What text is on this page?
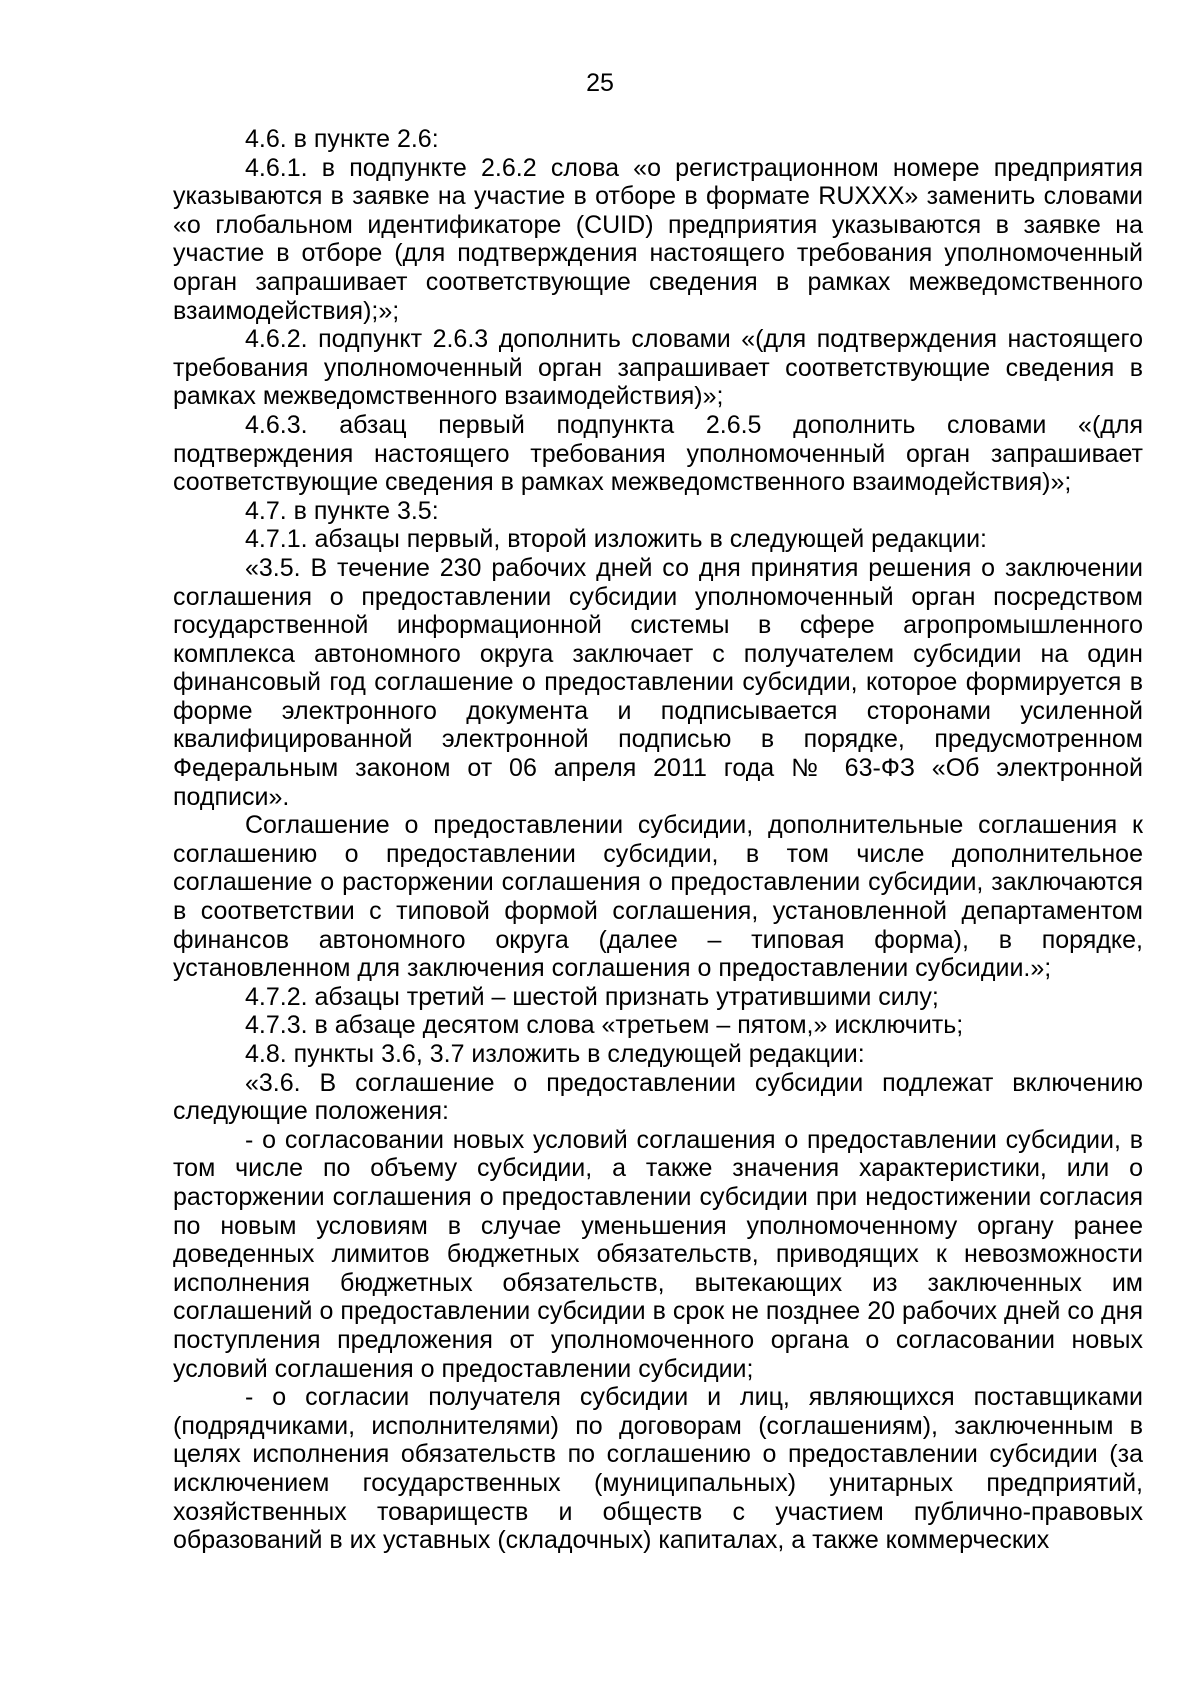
25

4.6. в пункте 2.6:

4.6.1. в подпункте 2.6.2 слова «о регистрационном номере предприятия указываются в заявке на участие в отборе в формате RUXXX» заменить словами «о глобальном идентификаторе (CUID) предприятия указываются в заявке на участие в отборе (для подтверждения настоящего требования уполномоченный орган запрашивает соответствующие сведения в рамках межведомственного взаимодействия);»;

4.6.2. подпункт 2.6.3 дополнить словами «(для подтверждения настоящего требования уполномоченный орган запрашивает соответствующие сведения в рамках межведомственного взаимодействия)»;

4.6.3. абзац первый подпункта 2.6.5 дополнить словами «(для подтверждения настоящего требования уполномоченный орган запрашивает соответствующие сведения в рамках межведомственного взаимодействия)»;

4.7. в пункте 3.5:

4.7.1. абзацы первый, второй изложить в следующей редакции:

«3.5. В течение 230 рабочих дней со дня принятия решения о заключении соглашения о предоставлении субсидии уполномоченный орган посредством государственной информационной системы в сфере агропромышленного комплекса автономного округа заключает с получателем субсидии на один финансовый год соглашение о предоставлении субсидии, которое формируется в форме электронного документа и подписывается сторонами усиленной квалифицированной электронной подписью в порядке, предусмотренном Федеральным законом от 06 апреля 2011 года № 63-ФЗ «Об электронной подписи».

Соглашение о предоставлении субсидии, дополнительные соглашения к соглашению о предоставлении субсидии, в том числе дополнительное соглашение о расторжении соглашения о предоставлении субсидии, заключаются в соответствии с типовой формой соглашения, установленной департаментом финансов автономного округа (далее – типовая форма), в порядке, установленном для заключения соглашения о предоставлении субсидии.»;

4.7.2. абзацы третий – шестой признать утратившими силу;

4.7.3. в абзаце десятом слова «третьем – пятом,» исключить;

4.8. пункты 3.6, 3.7 изложить в следующей редакции:

«3.6. В соглашение о предоставлении субсидии подлежат включению следующие положения:

- о согласовании новых условий соглашения о предоставлении субсидии, в том числе по объему субсидии, а также значения характеристики, или о расторжении соглашения о предоставлении субсидии при недостижении согласия по новым условиям в случае уменьшения уполномоченному органу ранее доведенных лимитов бюджетных обязательств, приводящих к невозможности исполнения бюджетных обязательств, вытекающих из заключенных им соглашений о предоставлении субсидии в срок не позднее 20 рабочих дней со дня поступления предложения от уполномоченного органа о согласовании новых условий соглашения о предоставлении субсидии;

- о согласии получателя субсидии и лиц, являющихся поставщиками (подрядчиками, исполнителями) по договорам (соглашениям), заключенным в целях исполнения обязательств по соглашению о предоставлении субсидии (за исключением государственных (муниципальных) унитарных предприятий, хозяйственных товариществ и обществ с участием публично-правовых образований в их уставных (складочных) капиталах, а также коммерческих
